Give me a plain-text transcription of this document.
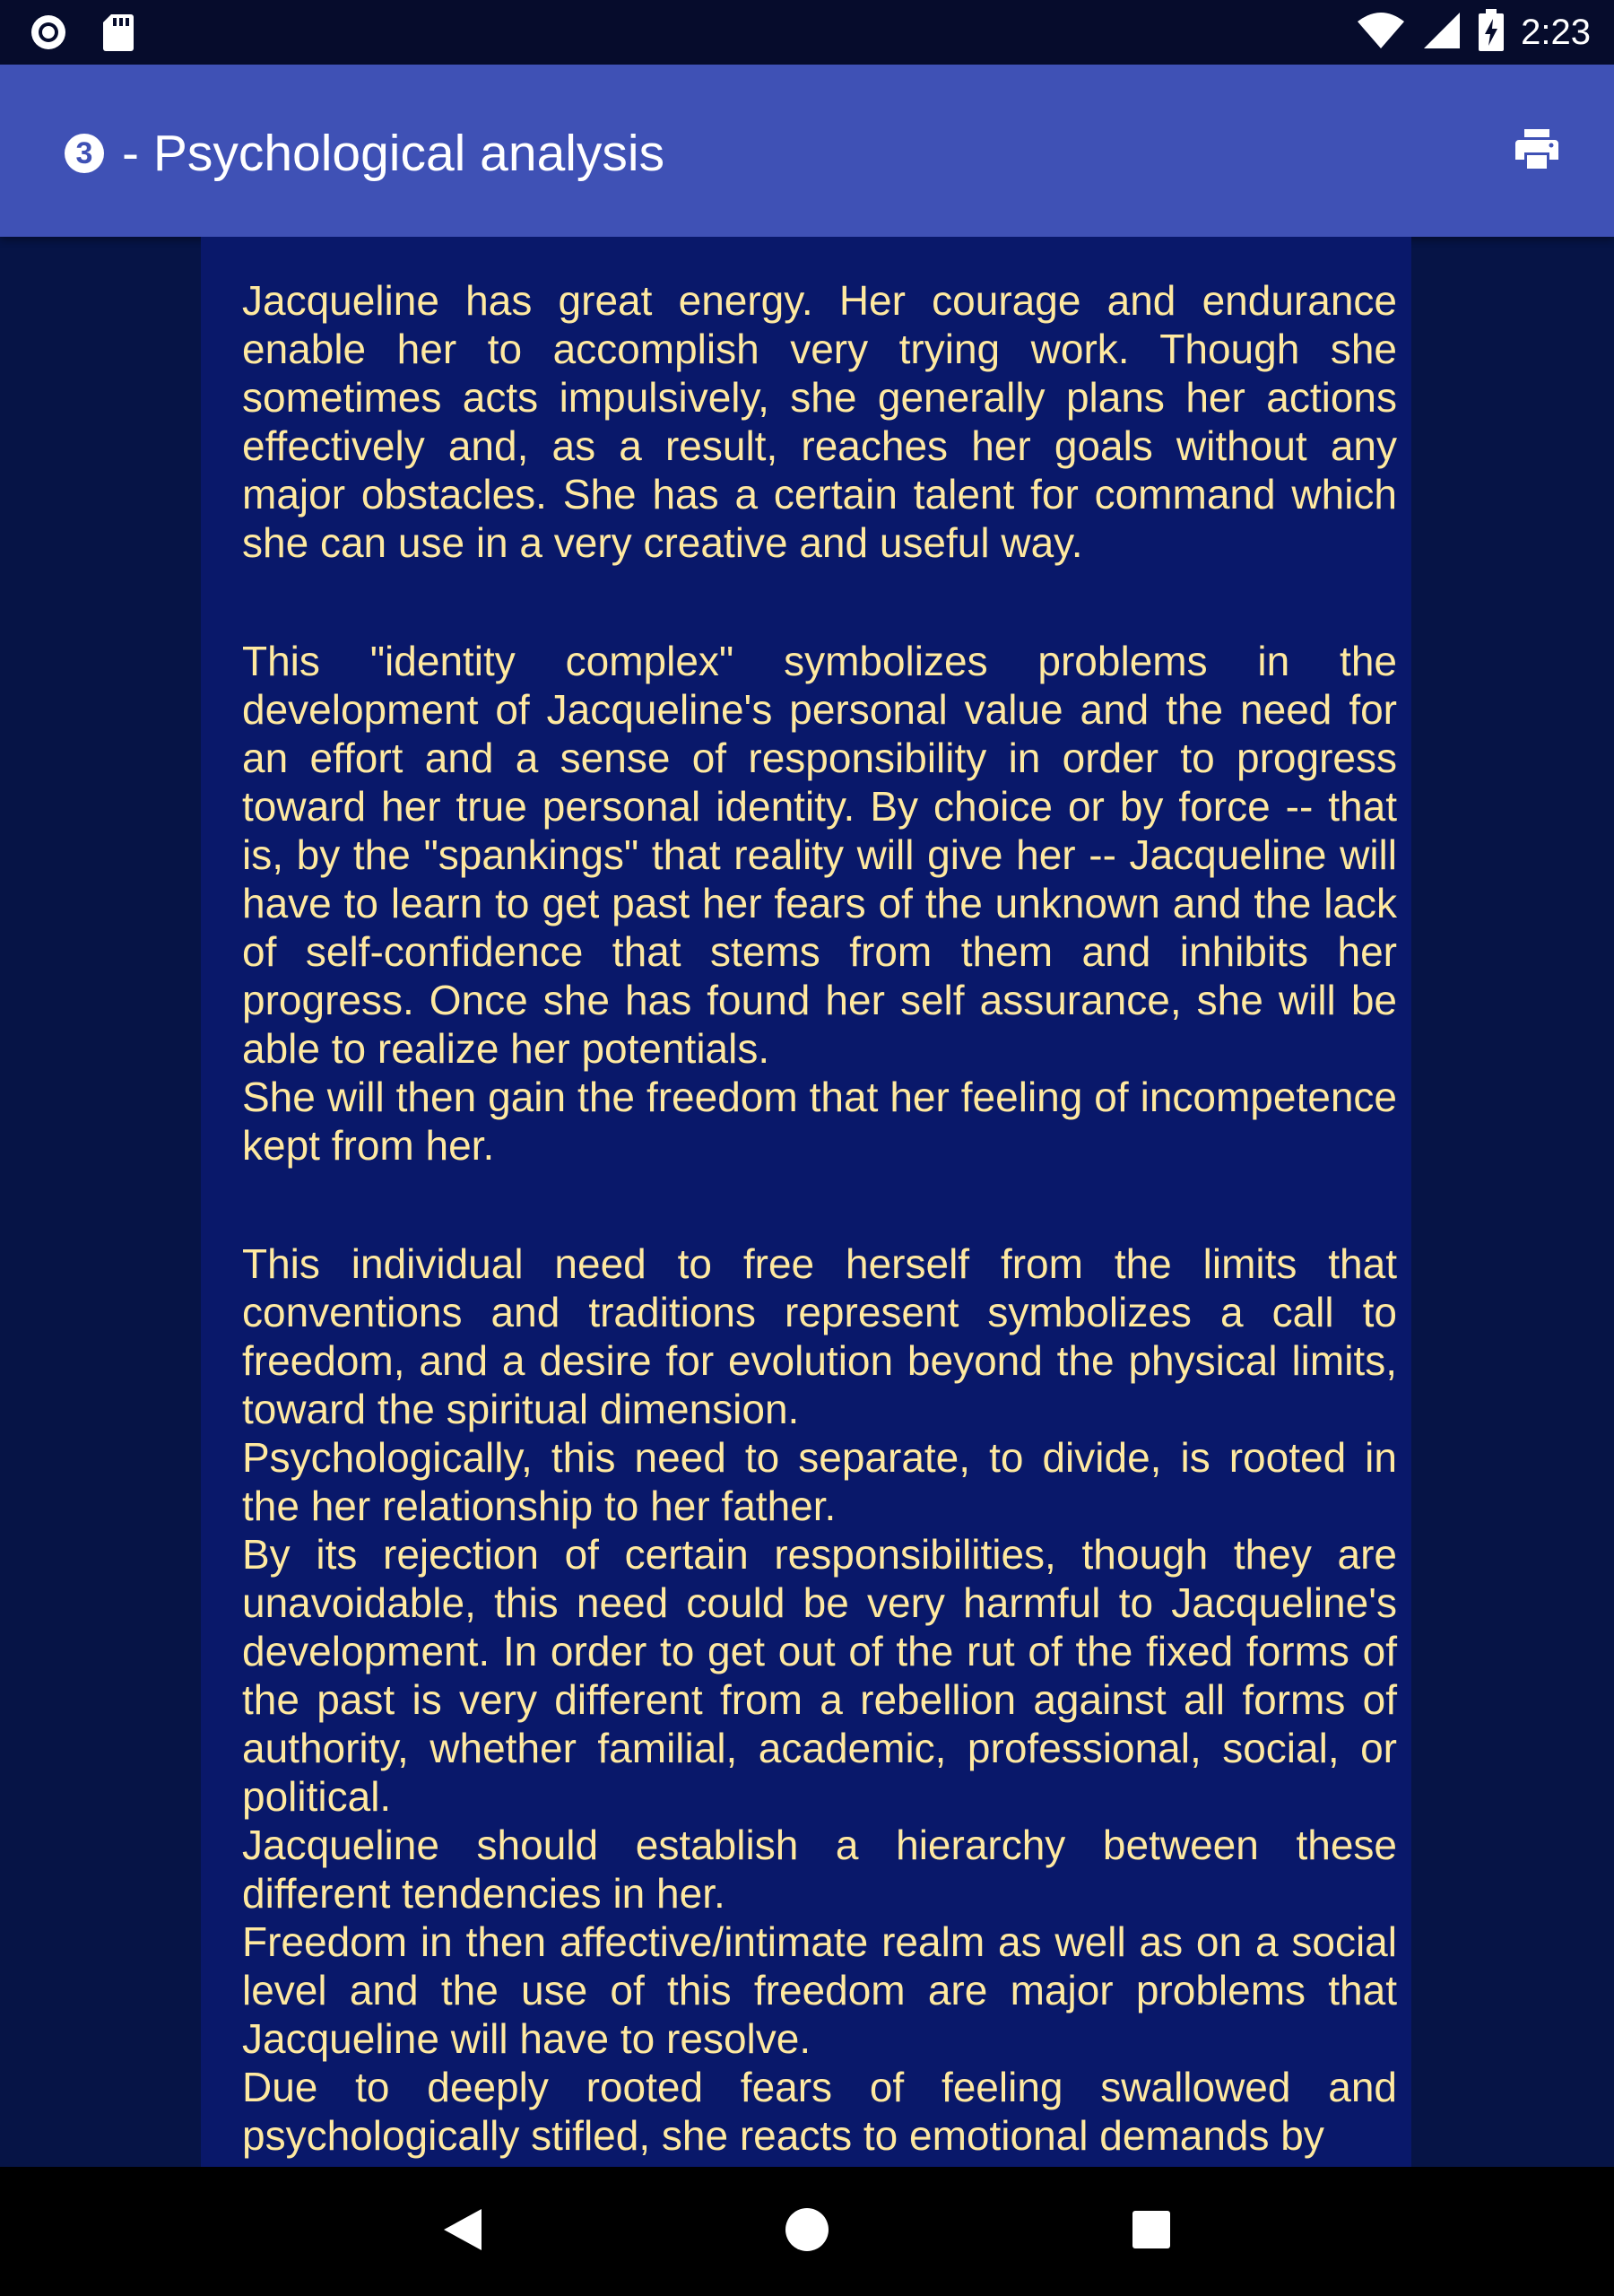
2:23
3 - Psychological analysis

Jacqueline has great energy. Her courage and endurance enable her to accomplish very trying work. Though she sometimes acts impulsively, she generally plans her actions effectively and, as a result, reaches her goals without any major obstacles. She has a certain talent for command which she can use in a very creative and useful way.

This "identity complex" symbolizes problems in the development of Jacqueline's personal value and the need for an effort and a sense of responsibility in order to progress toward her true personal identity. By choice or by force -- that is, by the "spankings" that reality will give her -- Jacqueline will have to learn to get past her fears of the unknown and the lack of self-confidence that stems from them and inhibits her progress. Once she has found her self assurance, she will be able to realize her potentials.

She will then gain the freedom that her feeling of incompetence kept from her.

This individual need to free herself from the limits that conventions and traditions represent symbolizes a call to freedom, and a desire for evolution beyond the physical limits, toward the spiritual dimension.

Psychologically, this need to separate, to divide, is rooted in the her relationship to her father.

By its rejection of certain responsibilities, though they are unavoidable, this need could be very harmful to Jacqueline's development. In order to get out of the rut of the fixed forms of the past is very different from a rebellion against all forms of authority, whether familial, academic, professional, social, or political.

Jacqueline should establish a hierarchy between these different tendencies in her.

Freedom in then affective/intimate realm as well as on a social level and the use of this freedom are major problems that Jacqueline will have to resolve.

Due to deeply rooted fears of feeling swallowed and psychologically stifled, she reacts to emotional demands by
